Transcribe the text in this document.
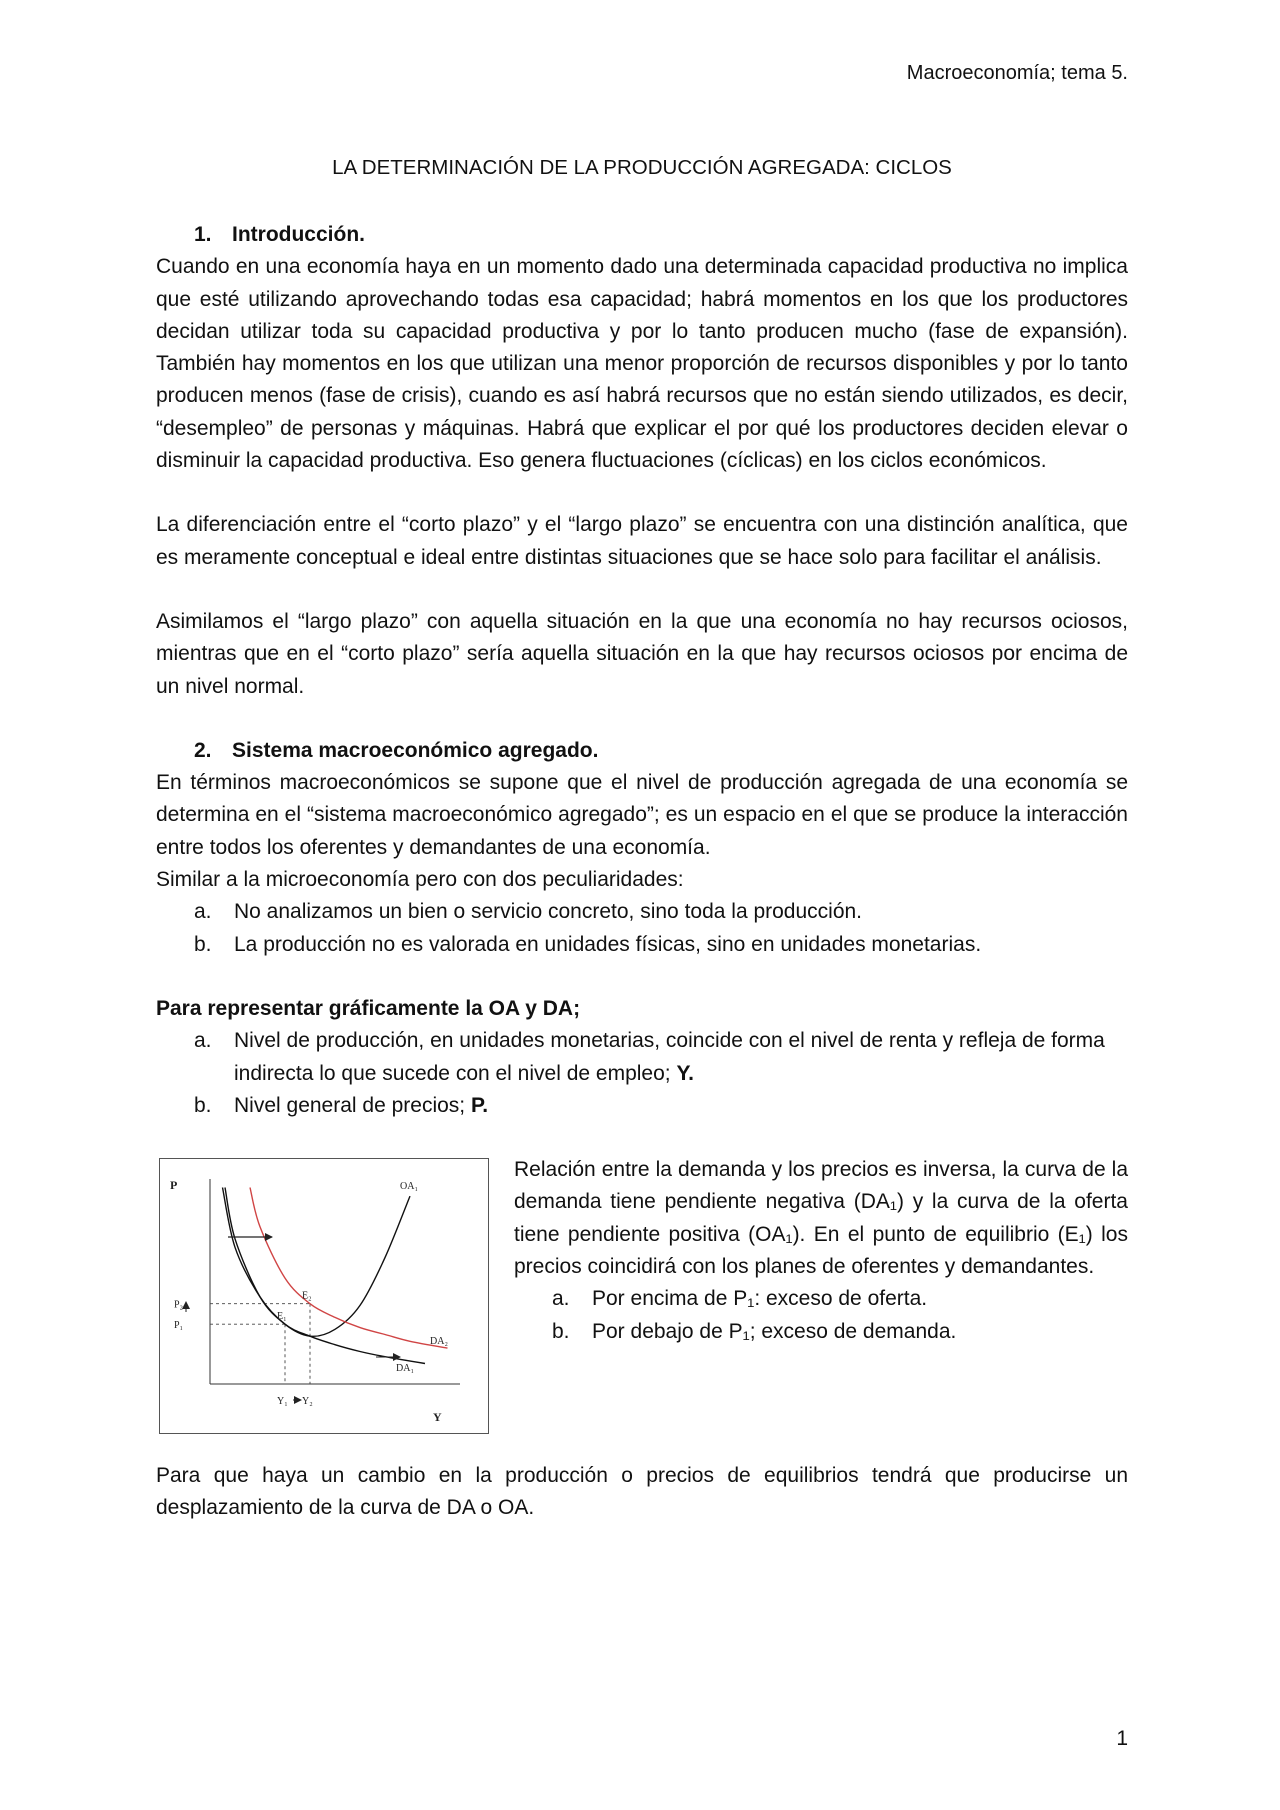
Macroeconomía; tema 5.
LA DETERMINACIÓN DE LA PRODUCCIÓN AGREGADA: CICLOS
1. Introducción.

Cuando en una economía haya en un momento dado una determinada capacidad productiva no implica que esté utilizando aprovechando todas esa capacidad; habrá momentos en los que los productores decidan utilizar toda su capacidad productiva y por lo tanto producen mucho (fase de expansión). También hay momentos en los que utilizan una menor proporción de recursos disponibles y por lo tanto producen menos (fase de crisis), cuando es así habrá recursos que no están siendo utilizados, es decir, “desempleo” de personas y máquinas. Habrá que explicar el por qué los productores deciden elevar o disminuir la capacidad productiva. Eso genera fluctuaciones (cíclicas) en los ciclos económicos.

La diferenciación entre el “corto plazo” y el “largo plazo” se encuentra con una distinción analítica, que es meramente conceptual e ideal entre distintas situaciones que se hace solo para facilitar el análisis.

Asimilamos el “largo plazo” con aquella situación en la que una economía no hay recursos ociosos, mientras que en el “corto plazo” sería aquella situación en la que hay recursos ociosos por encima de un nivel normal.

2. Sistema macroeconómico agregado.

En términos macroeconómicos se supone que el nivel de producción agregada de una economía se determina en el “sistema macroeconómico agregado”; es un espacio en el que se produce la interacción entre todos los oferentes y demandantes de una economía.

Similar a la microeconomía pero con dos peculiaridades:

a. No analizamos un bien o servicio concreto, sino toda la producción.
b. La producción no es valorada en unidades físicas, sino en unidades monetarias.
Para representar gráficamente la OA y DA;
a. Nivel de producción, en unidades monetarias, coincide con el nivel de renta y refleja de forma indirecta lo que sucede con el nivel de empleo; Y.
b. Nivel general de precios; P.
P
Y
OA₁
DA₁
DA₂
E₁
E₂
P₂
P₁
Y₁ Y₂

Relación entre la demanda y los precios es inversa, la curva de la demanda tiene pendiente negativa (DA₁) y la curva de la oferta tiene pendiente positiva (OA₁). En el punto de equilibrio (E₁) los precios coincidirá con los planes de oferentes y demandantes.

a. Por encima de P₁: exceso de oferta.
b. Por debajo de P₁; exceso de demanda.

Para que haya un cambio en la producción o precios de equilibrios tendrá que producirse un desplazamiento de la curva de DA o OA.

1
